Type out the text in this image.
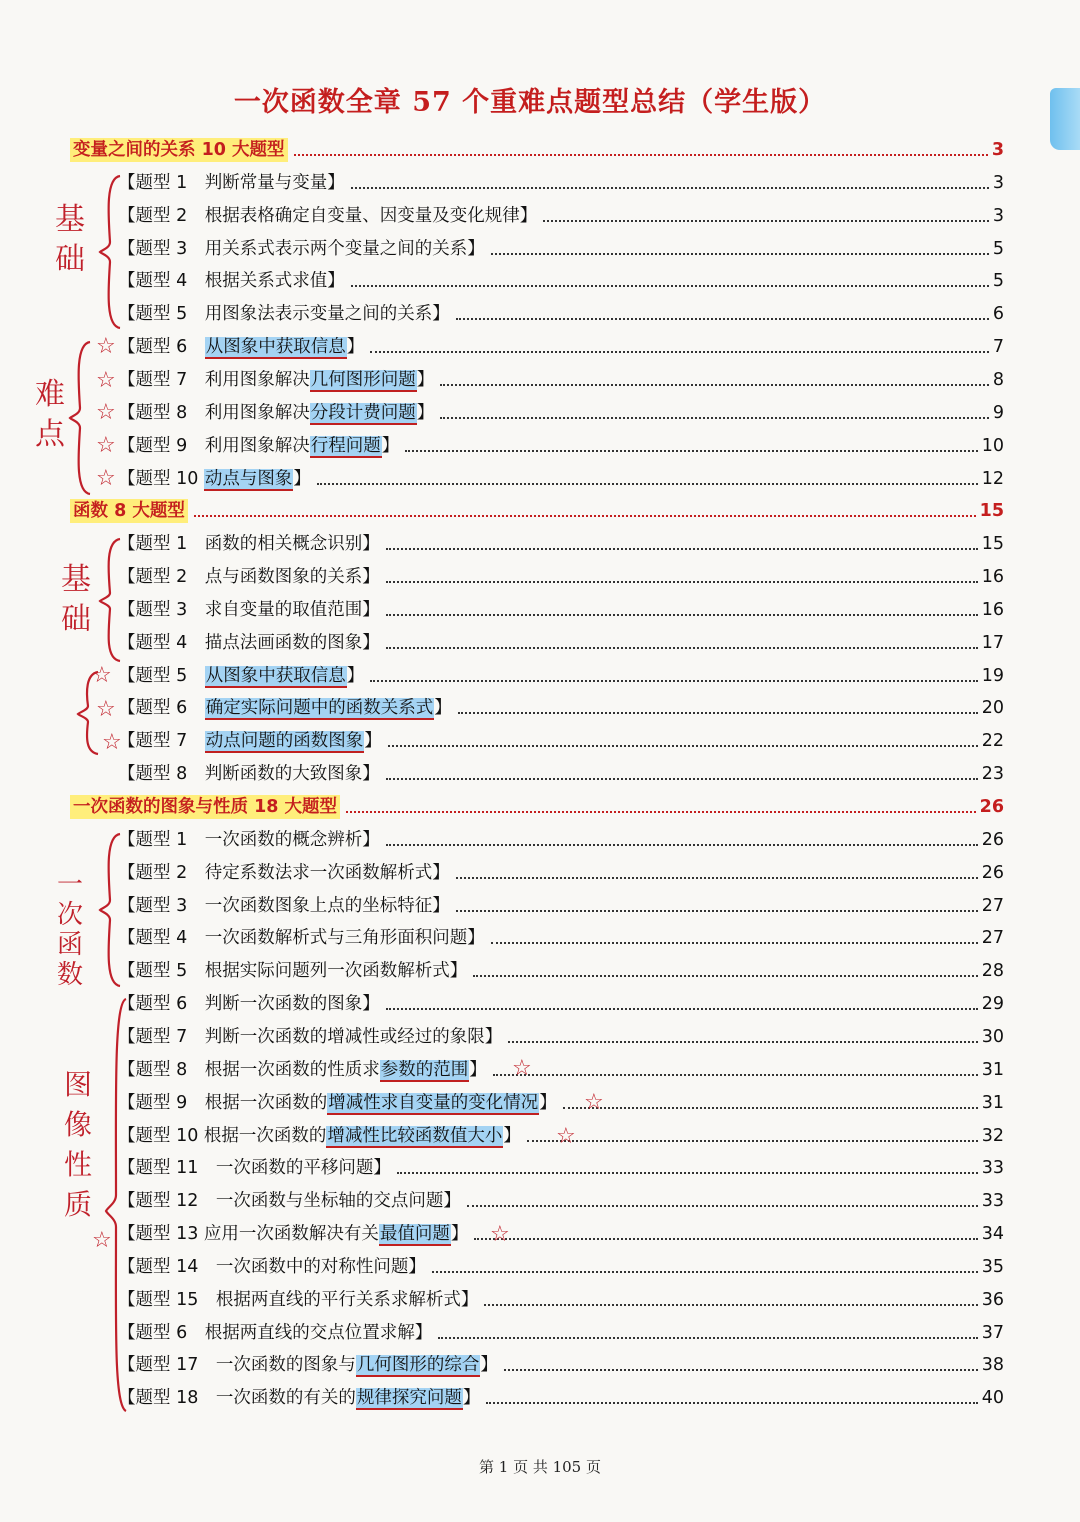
一次函数全章 57 个重难点题型总结（学生版）
变量之间的关系 10 大题型	3
【题型 1　判断常量与变量】	3
【题型 2　根据表格确定自变量、因变量及变化规律】	3
【题型 3　用关系式表示两个变量之间的关系】	5
【题型 4　根据关系式求值】	5
【题型 5　用图象法表示变量之间的关系】	6
【题型 6　从图象中获取信息】	7
【题型 7　利用图象解决几何图形问题】	8
【题型 8　利用图象解决分段计费问题】	9
【题型 9　利用图象解决行程问题】	10
【题型 10 动点与图象】	12
函数 8 大题型	15
【题型 1　函数的相关概念识别】	15
【题型 2　点与函数图象的关系】	16
【题型 3　求自变量的取值范围】	16
【题型 4　描点法画函数的图象】	17
【题型 5　从图象中获取信息】	19
【题型 6　确定实际问题中的函数关系式】	20
【题型 7　动点问题的函数图象】	22
【题型 8　判断函数的大致图象】	23
一次函数的图象与性质 18 大题型	26
【题型 1　一次函数的概念辨析】	26
【题型 2　待定系数法求一次函数解析式】	26
【题型 3　一次函数图象上点的坐标特征】	27
【题型 4　一次函数解析式与三角形面积问题】	27
【题型 5　根据实际问题列一次函数解析式】	28
【题型 6　判断一次函数的图象】	29
【题型 7　判断一次函数的增减性或经过的象限】	30
【题型 8　根据一次函数的性质求参数的范围】	31
【题型 9　根据一次函数的增减性求自变量的变化情况】	31
【题型 10 根据一次函数的增减性比较函数值大小】	32
【题型 11　一次函数的平移问题】	33
【题型 12　一次函数与坐标轴的交点问题】	33
【题型 13 应用一次函数解决有关最值问题】	34
【题型 14　一次函数中的对称性问题】	35
【题型 15　根据两直线的平行关系求解析式】	36
【题型 6　根据两直线的交点位置求解】	37
【题型 17　一次函数的图象与几何图形的综合】	38
【题型 18　一次函数的有关的规律探究问题】	40
基础
难点
基础
一次函数
图像性质
☆
☆
☆
☆
☆
☆
☆
☆
☆
☆
☆
☆
☆
第 1 页 共 105 页
